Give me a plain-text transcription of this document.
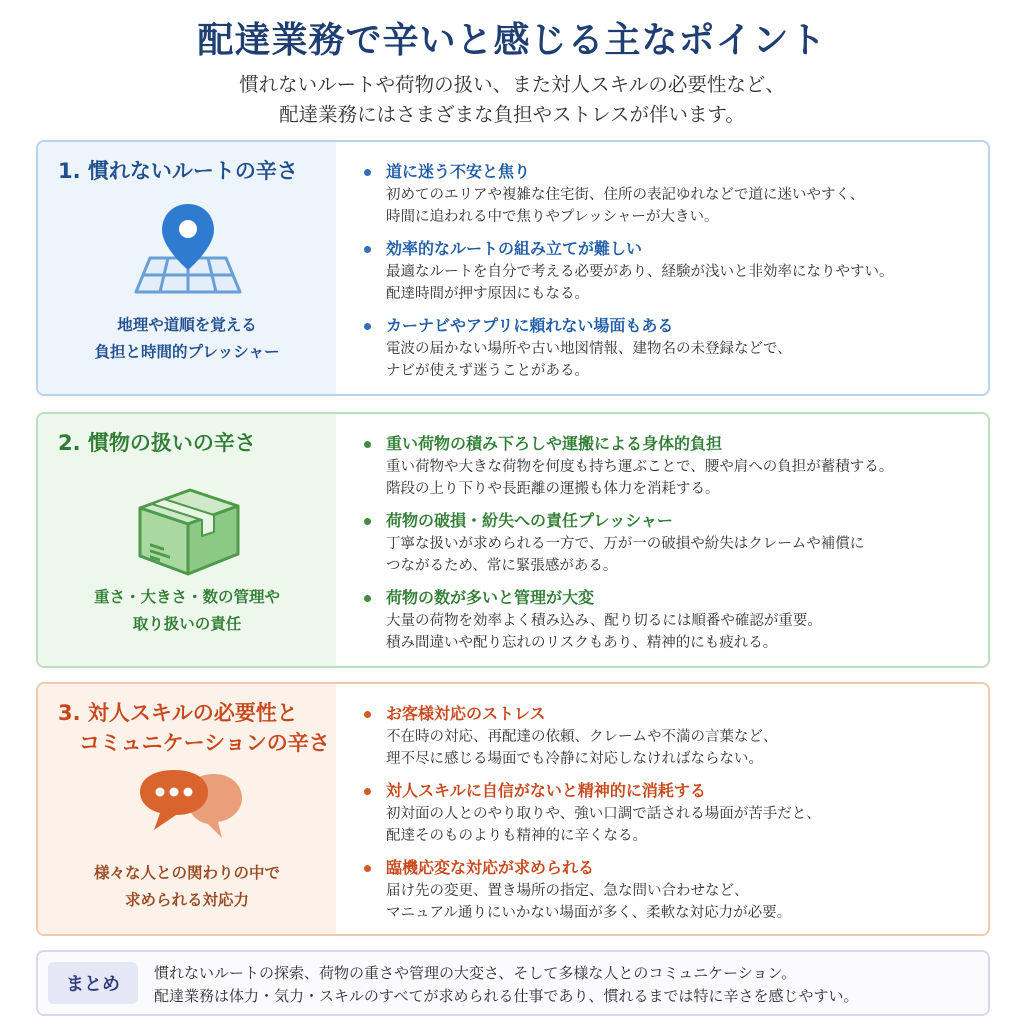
配達業務で辛いと感じる主なポイント
慣れないルートや荷物の扱い、また対人スキルの必要性など、
配達業務にはさまざまな負担やストレスが伴います。
1. 慣れないルートの辛さ
地理や道順を覚える
負担と時間的プレッシャー
道に迷う不安と焦り
初めてのエリアや複雑な住宅街、住所の表記ゆれなどで道に迷いやすく、
時間に追われる中で焦りやプレッシャーが大きい。
効率的なルートの組み立てが難しい
最適なルートを自分で考える必要があり、経験が浅いと非効率になりやすい。
配達時間が押す原因にもなる。
カーナビやアプリに頼れない場面もある
電波の届かない場所や古い地図情報、建物名の未登録などで、
ナビが使えず迷うことがある。
2. 慣物の扱いの辛さ
重さ・大きさ・数の管理や
取り扱いの責任
重い荷物の積み下ろしや運搬による身体的負担
重い荷物や大きな荷物を何度も持ち運ぶことで、腰や肩への負担が蓄積する。
階段の上り下りや長距離の運搬も体力を消耗する。
荷物の破損・紛失への責任プレッシャー
丁寧な扱いが求められる一方で、万が一の破損や紛失はクレームや補償に
つながるため、常に緊張感がある。
荷物の数が多いと管理が大変
大量の荷物を効率よく積み込み、配り切るには順番や確認が重要。
積み間違いや配り忘れのリスクもあり、精神的にも疲れる。
3. 対人スキルの必要性と
　コミュニケーションの辛さ
様々な人との関わりの中で
求められる対応力
お客様対応のストレス
不在時の対応、再配達の依頼、クレームや不満の言葉など、
理不尽に感じる場面でも冷静に対応しなければならない。
対人スキルに自信がないと精神的に消耗する
初対面の人とのやり取りや、強い口調で話される場面が苦手だと、
配達そのものよりも精神的に辛くなる。
臨機応変な対応が求められる
届け先の変更、置き場所の指定、急な問い合わせなど、
マニュアル通りにいかない場面が多く、柔軟な対応力が必要。
まとめ
慣れないルートの探索、荷物の重さや管理の大変さ、そして多様な人とのコミュニケーション。
配達業務は体力・気力・スキルのすべてが求められる仕事であり、慣れるまでは特に辛さを感じやすい。
